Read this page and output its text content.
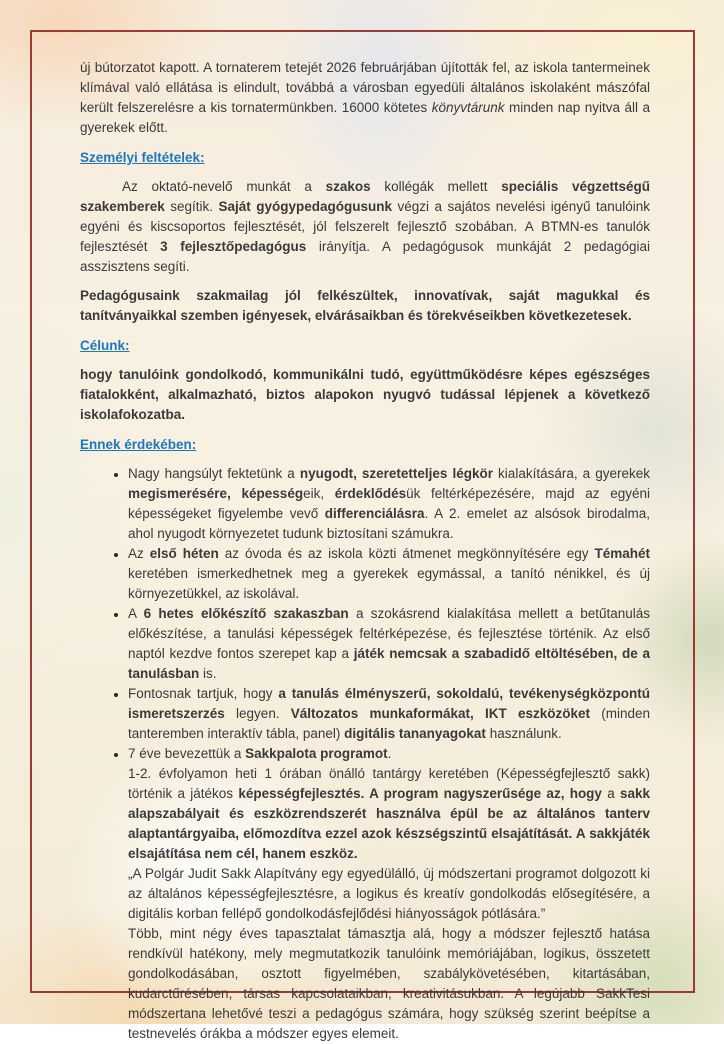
új bútorzatot kapott. A tornaterem tetejét 2026 februárjában újították fel, az iskola tantermeinek klímával való ellátása is elindult, továbbá a városban egyedüli általános iskolaként mászófal került felszerelésre a kis tornatermünkben. 16000 kötetes könyvtárunk minden nap nyitva áll a gyerekek előtt.

Személyi feltételek:

Az oktató-nevelő munkát a szakos kollégák mellett speciális végzettségű szakemberek segítik. Saját gyógypedagógusunk végzi a sajátos nevelési igényű tanulóink egyéni és kiscsoportos fejlesztését, jól felszerelt fejlesztő szobában. A BTMN-es tanulók fejlesztését 3 fejlesztőpedagógus irányítja. A pedagógusok munkáját 2 pedagógiai asszisztens segíti.

Pedagógusaink szakmailag jól felkészültek, innovatívak, saját magukkal és tanítványaikkal szemben igényesek, elvárásaikban és törekvéseikben következetesek.

Célunk:

hogy tanulóink gondolkodó, kommunikálni tudó, együttműködésre képes egészséges fiatalokként, alkalmazható, biztos alapokon nyugvó tudással lépjenek a következő iskolafokozatba.

Ennek érdekében:
• Nagy hangsúlyt fektetünk a nyugodt, szeretetteljes légkör kialakítására, a gyerekek megismerésére, képességeik, érdeklődésük feltérképezésére, majd az egyéni képességeket figyelembe vevő differenciálásra. A 2. emelet az alsósok birodalma, ahol nyugodt környezetet tudunk biztosítani számukra.
• Az első héten az óvoda és az iskola közti átmenet megkönnyítésére egy Témahét keretében ismerkedhetnek meg a gyerekek egymással, a tanító nénikkel, és új környezetükkel, az iskolával.
• A 6 hetes előkészítő szakaszban a szokásrend kialakítása mellett a betűtanulás előkészítése, a tanulási képességek feltérképezése, és fejlesztése történik. Az első naptól kezdve fontos szerepet kap a játék nemcsak a szabadidő eltöltésében, de a tanulásban is.
• Fontosnak tartjuk, hogy a tanulás élményszerű, sokoldalú, tevékenységközpontú ismeretszerzés legyen. Változatos munkaformákat, IKT eszközöket (minden tanteremben interaktív tábla, panel) digitális tananyagokat használunk.
• 7 éve bevezettük a Sakkpalota programot.
1-2. évfolyamon heti 1 órában önálló tantárgy keretében (Képességfejlesztő sakk) történik a játékos képességfejlesztés. A program nagyszerűsége az, hogy a sakk alapszabályait és eszközrendszerét használva épül be az általános tanterv alaptantárgyaiba, előmozdítva ezzel azok készségszintű elsajátítását. A sakkjáték elsajátítása nem cél, hanem eszköz.
„A Polgár Judit Sakk Alapítvány egy egyedülálló, új módszertani programot dolgozott ki az általános képességfejlesztésre, a logikus és kreatív gondolkodás elősegítésére, a digitális korban fellépő gondolkodásfejlődési hiányosságok pótlására.”
Több, mint négy éves tapasztalat támasztja alá, hogy a módszer fejlesztő hatása rendkívül hatékony, mely megmutatkozik tanulóink memóriájában, logikus, összetett gondolkodásában, osztott figyelmében, szabálykövetésében, kitartásában, kudarctűrésében, társas kapcsolataikban, kreativitásukban. A legújabb SakkTesi módszertana lehetővé teszi a pedagógus számára, hogy szükség szerint beépítse a testnevelés órákba a módszer egyes elemeit.
